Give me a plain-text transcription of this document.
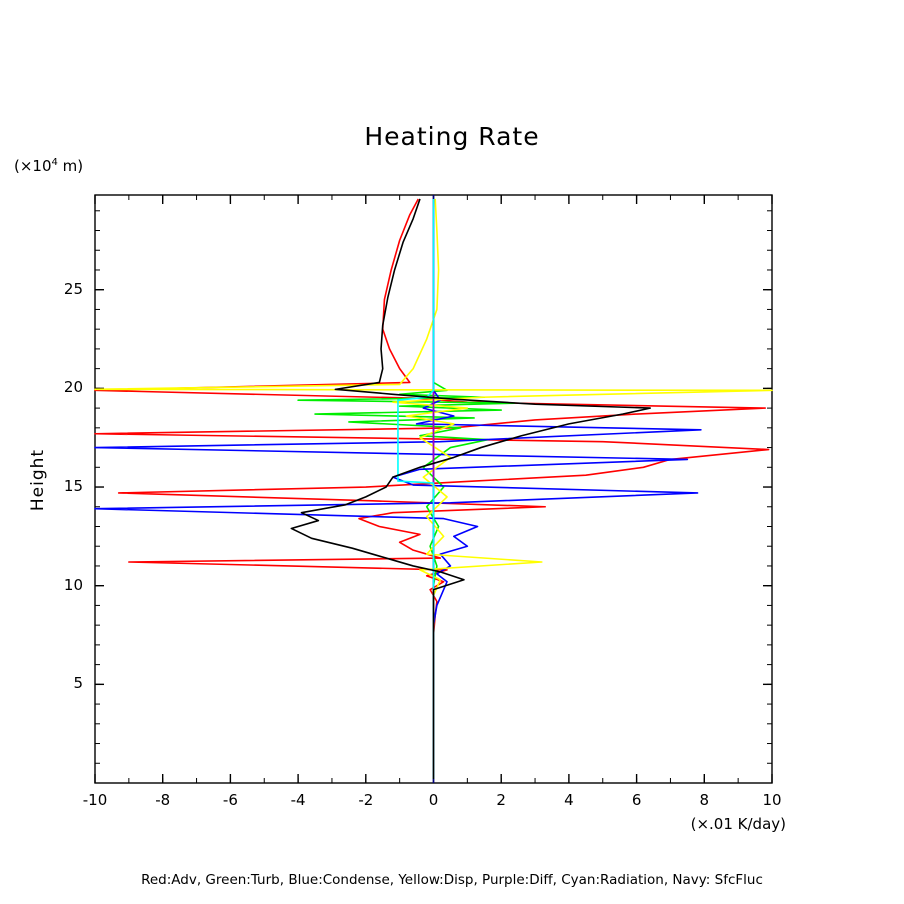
Heating Rate
($\times 10^4$ m)
Height
(×.01 K/day)
Red:Adv, Green:Turb, Blue:Condense, Yellow:Disp, Purple:Diff, Cyan:Radiation, Navy: SfcFluc
-10	-8	-6	-4	-2	0	2	4	6	8	10
5
10
15
20
25
